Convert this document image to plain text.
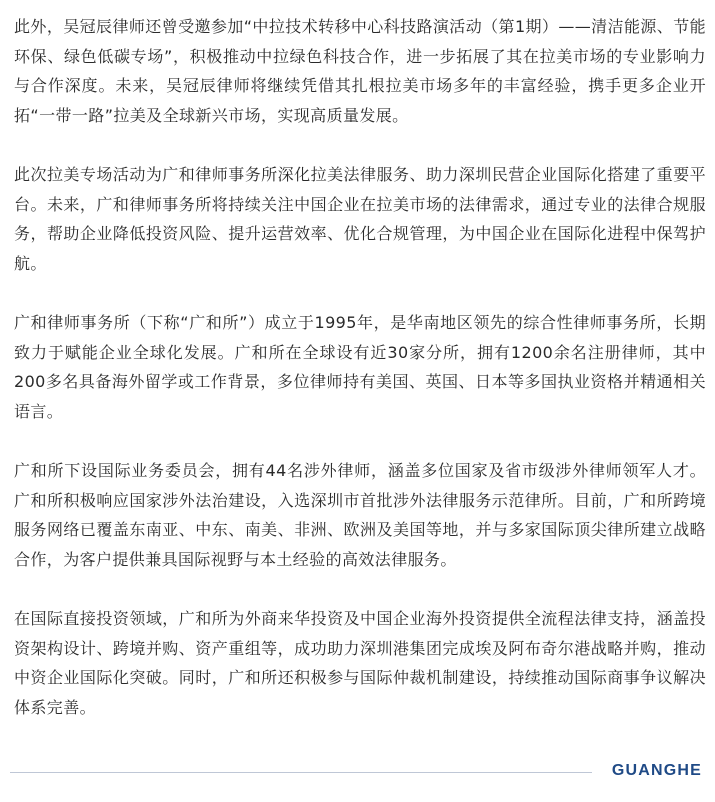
此外，吴冠辰律师还曾受邀参加“中拉技术转移中心科技路演活动（第1期）——清洁能源、节能环保、绿色低碳专场”，积极推动中拉绿色科技合作，进一步拓展了其在拉美市场的专业影响力与合作深度。未来，吴冠辰律师将继续凭借其扎根拉美市场多年的丰富经验，携手更多企业开拓“一带一路”拉美及全球新兴市场，实现高质量发展。

此次拉美专场活动为广和律师事务所深化拉美法律服务、助力深圳民营企业国际化搭建了重要平台。未来，广和律师事务所将持续关注中国企业在拉美市场的法律需求，通过专业的法律合规服务，帮助企业降低投资风险、提升运营效率、优化合规管理，为中国企业在国际化进程中保驾护航。

广和律师事务所（下称“广和所”）成立于1995年，是华南地区领先的综合性律师事务所，长期致力于赋能企业全球化发展。广和所在全球设有近30家分所，拥有1200余名注册律师，其中200多名具备海外留学或工作背景，多位律师持有美国、英国、日本等多国执业资格并精通相关语言。

广和所下设国际业务委员会，拥有44名涉外律师，涵盖多位国家及省市级涉外律师领军人才。广和所积极响应国家涉外法治建设，入选深圳市首批涉外法律服务示范律所。目前，广和所跨境服务网络已覆盖东南亚、中东、南美、非洲、欧洲及美国等地，并与多家国际顶尖律所建立战略合作，为客户提供兼具国际视野与本土经验的高效法律服务。

在国际直接投资领域，广和所为外商来华投资及中国企业海外投资提供全流程法律支持，涵盖投资架构设计、跨境并购、资产重组等，成功助力深圳港集团完成埃及阿布奇尔港战略并购，推动中资企业国际化突破。同时，广和所还积极参与国际仲裁机制建设，持续推动国际商事争议解决体系完善。

GUANGHE
